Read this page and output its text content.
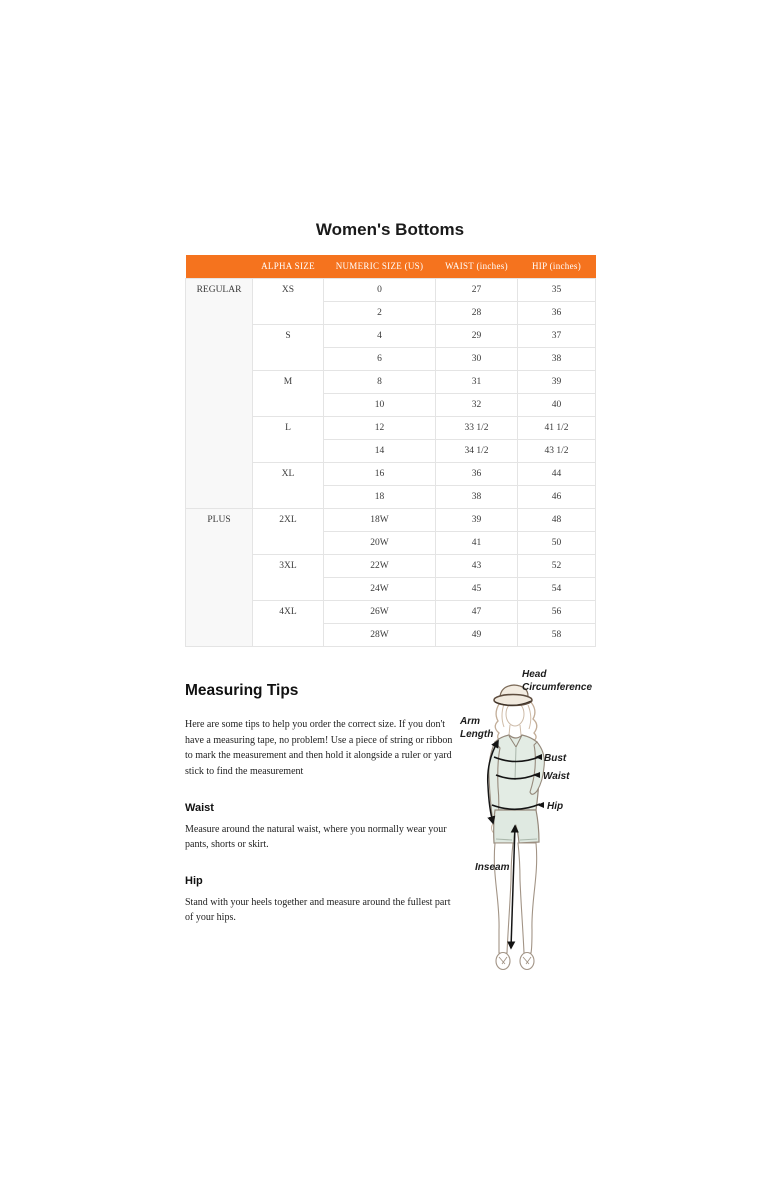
Women's Bottoms
	ALPHA SIZE	NUMERIC SIZE (US)	WAIST (inches)	HIP (inches)
REGULAR	XS	0	27	35
		2	28	36
	S	4	29	37
		6	30	38
	M	8	31	39
		10	32	40
	L	12	33 1/2	41 1/2
		14	34 1/2	43 1/2
	XL	16	36	44
		18	38	46
PLUS	2XL	18W	39	48
		20W	41	50
	3XL	22W	43	52
		24W	45	54
	4XL	26W	47	56
		28W	49	58
Measuring Tips
Here are some tips to help you order the correct size. If you don't have a measuring tape, no problem! Use a piece of string or ribbon to mark the measurement and then hold it alongside a ruler or yard stick to find the measurement
Waist
Measure around the natural waist, where you normally wear your pants, shorts or skirt.
Hip
Stand with your heels together and measure around the fullest part of your hips.
Head Circumference
Arm Length
Bust
Waist
Hip
Inseam
